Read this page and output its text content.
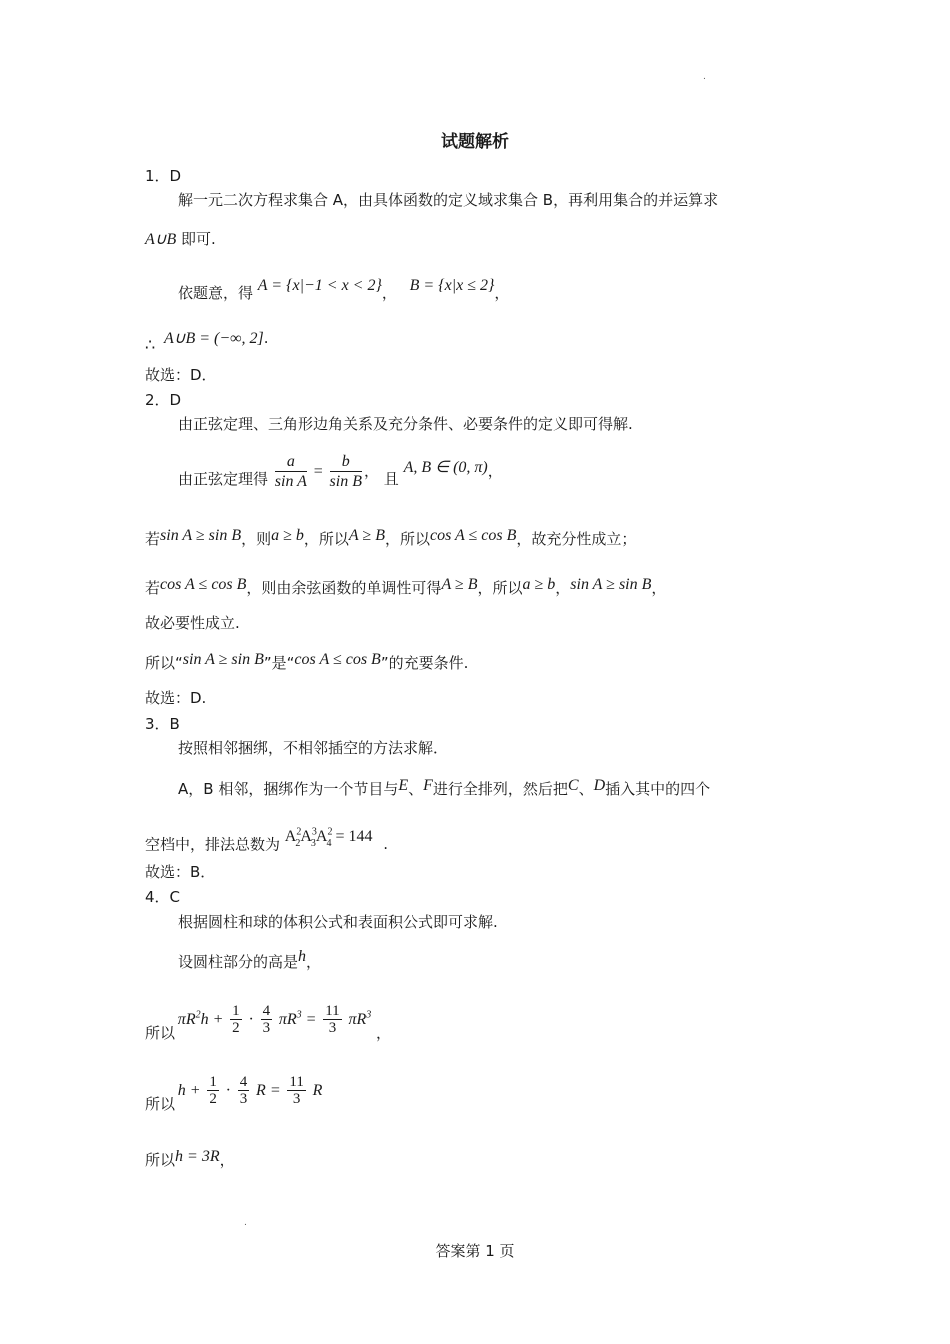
.
试题解析
1．D
解一元二次方程求集合 A，由具体函数的定义域求集合 B，再利用集合的并运算求
A∪B 即可.
依题意，得 A = {x|−1 < x < 2}， B = {x|x ≤ 2}，
∴ A∪B = (−∞, 2].
故选：D．
2．D
由正弦定理、三角形边角关系及充分条件、必要条件的定义即可得解.
由正弦定理得 $\frac{a}{\text{sin A}} = \frac{b}{\text{sin B}}$ ， 且 A, B ∈ (0, π)，
若sin A ≥ sin B，则a ≥ b，所以A ≥ B，所以cos A ≤ cos B，故充分性成立；
若cos A ≤ cos B，则由余弦函数的单调性可得A ≥ B，所以a ≥ b，sin A ≥ sin B，
故必要性成立.
所以“sin A ≥ sin B”是“cos A ≤ cos B”的充要条件.
故选：D.
3．B
按照相邻捆绑，不相邻插空的方法求解．
A，B 相邻，捆绑作为一个节目与E、F进行全排列，然后把C、D插入其中的四个
空档中，排法总数为 $A^2_2A^3_3A^2_4 = 144$ .
故选：B．
4．C
根据圆柱和球的体积公式和表面积公式即可求解.
设圆柱部分的高是h，
所以 $\pi R^2h + \frac{1}{2} \cdot \frac{4}{3} \pi R^3 = \frac{11}{3} \pi R^3$ ，
所以 $h + \frac{1}{2} \cdot \frac{4}{3}$ $R = \frac{11}{3}$ R
所以h = 3R，
.
答案第 1 页
